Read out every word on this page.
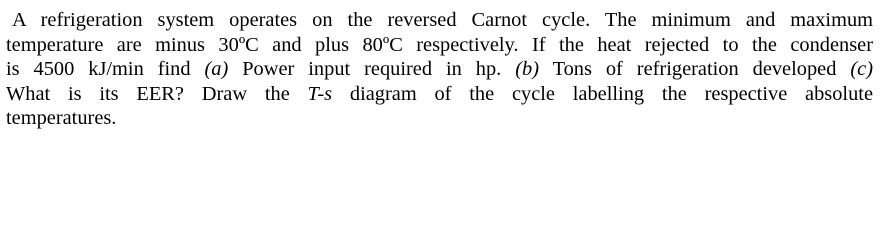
A refrigeration system operates on the reversed Carnot cycle. The minimum and maximum
temperature are minus 30ºC and plus 80ºC respectively. If the heat rejected to the condenser
is 4500 kJ/min find (a) Power input required in hp. (b) Tons of refrigeration developed (c)
What is its EER? Draw the T-s diagram of the cycle labelling the respective absolute
temperatures.
